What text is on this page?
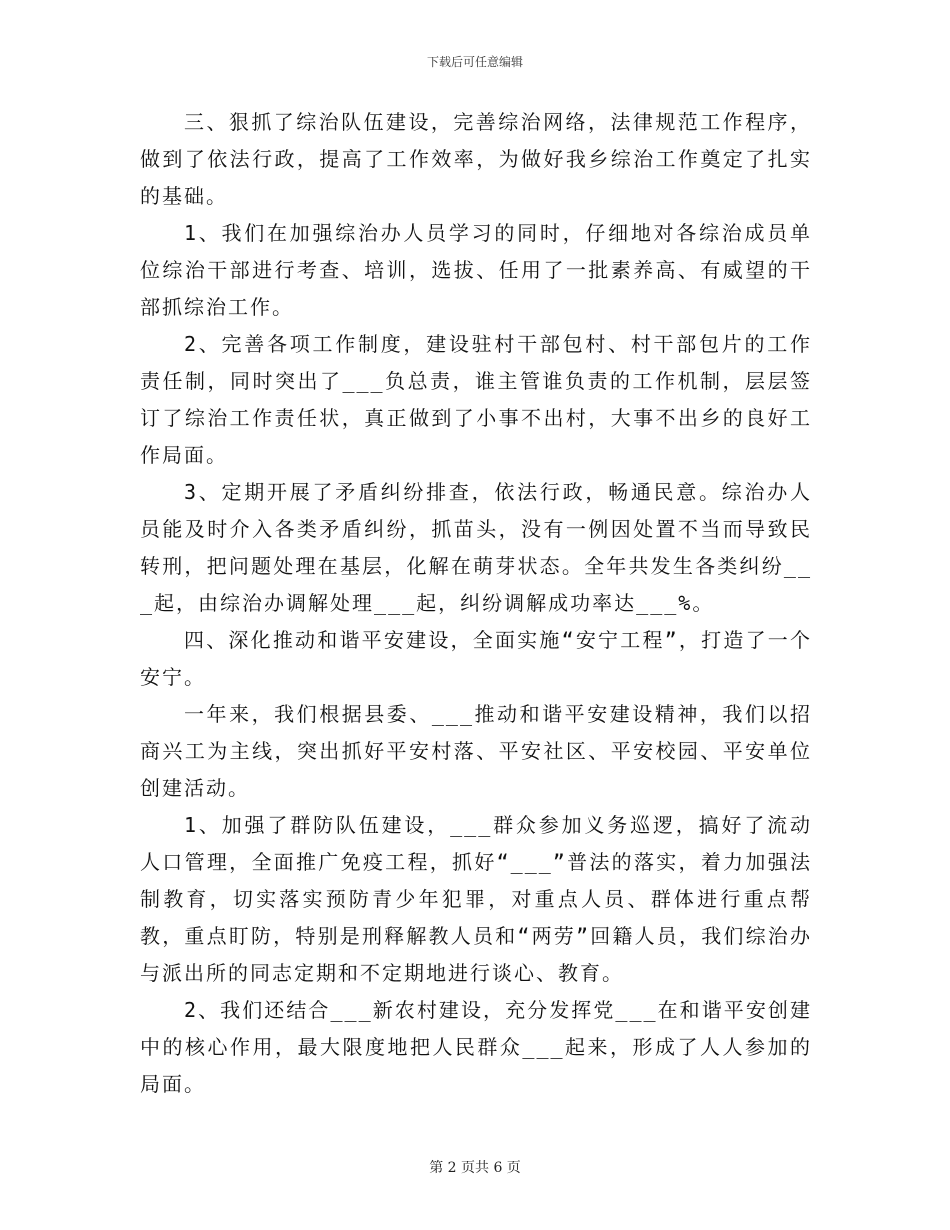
下载后可任意编辑

三、狠抓了综治队伍建设，完善综治网络，法律规范工作程序，做到了依法行政，提高了工作效率，为做好我乡综治工作奠定了扎实的基础。

1、我们在加强综治办人员学习的同时，仔细地对各综治成员单位综治干部进行考查、培训，选拔、任用了一批素养高、有威望的干部抓综治工作。

2、完善各项工作制度，建设驻村干部包村、村干部包片的工作责任制，同时突出了___负总责，谁主管谁负责的工作机制，层层签订了综治工作责任状，真正做到了小事不出村，大事不出乡的良好工作局面。

3、定期开展了矛盾纠纷排查，依法行政，畅通民意。综治办人员能及时介入各类矛盾纠纷，抓苗头，没有一例因处置不当而导致民转刑，把问题处理在基层，化解在萌芽状态。全年共发生各类纠纷___起，由综治办调解处理___起，纠纷调解成功率达___%。

四、深化推动和谐平安建设，全面实施“安宁工程”，打造了一个安宁。

一年来，我们根据县委、___推动和谐平安建设精神，我们以招商兴工为主线，突出抓好平安村落、平安社区、平安校园、平安单位创建活动。

1、加强了群防队伍建设，___群众参加义务巡逻，搞好了流动人口管理，全面推广免疫工程，抓好“___”普法的落实，着力加强法制教育，切实落实预防青少年犯罪，对重点人员、群体进行重点帮教，重点盯防，特别是刑释解教人员和“两劳”回籍人员，我们综治办与派出所的同志定期和不定期地进行谈心、教育。

2、我们还结合___新农村建设，充分发挥党___在和谐平安创建中的核心作用，最大限度地把人民群众___起来，形成了人人参加的局面。

第 2 页共 6 页
